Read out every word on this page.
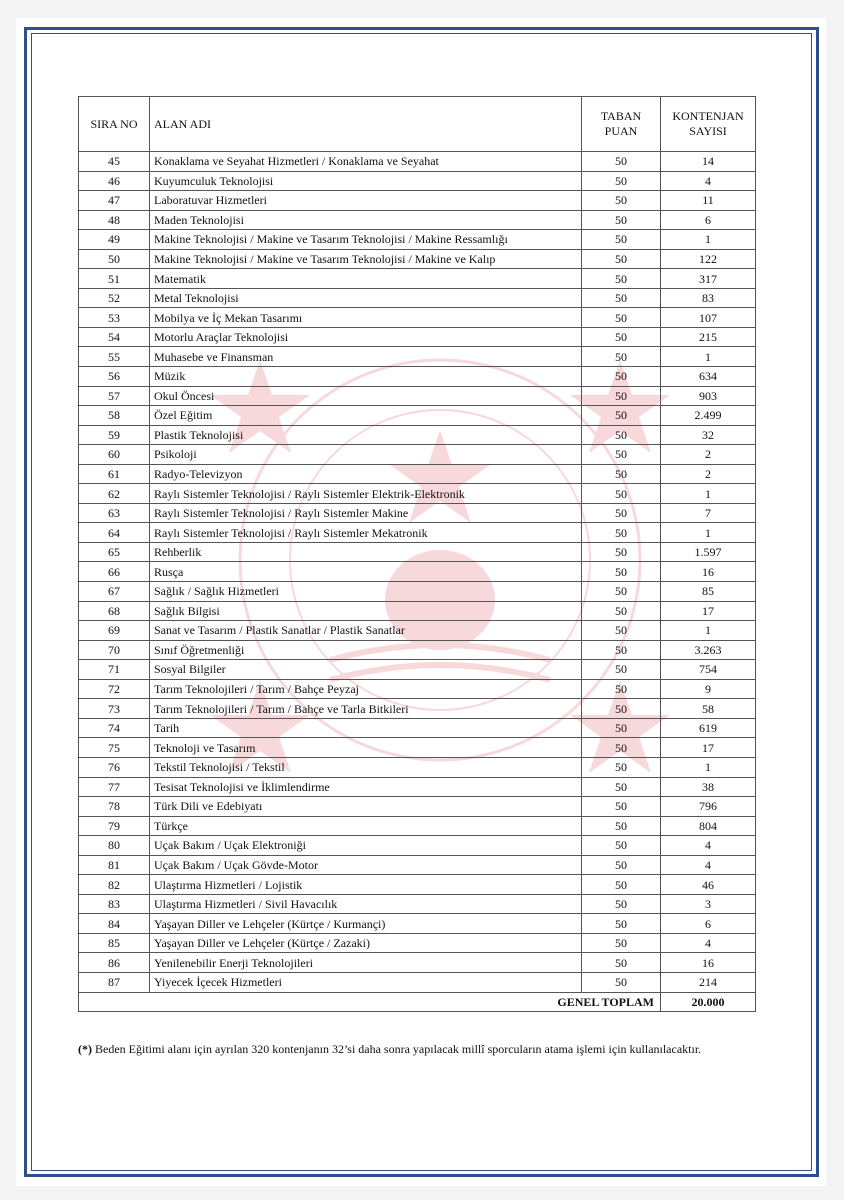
SIRA NO	ALAN ADI	TABAN PUAN	KONTENJAN SAYISI
45	Konaklama ve Seyahat Hizmetleri / Konaklama ve Seyahat	50	14
46	Kuyumculuk Teknolojisi	50	4
47	Laboratuvar Hizmetleri	50	11
48	Maden Teknolojisi	50	6
49	Makine Teknolojisi / Makine ve Tasarım Teknolojisi / Makine Ressamlığı	50	1
50	Makine Teknolojisi / Makine ve Tasarım Teknolojisi / Makine ve Kalıp	50	122
51	Matematik	50	317
52	Metal Teknolojisi	50	83
53	Mobilya ve İç Mekan Tasarımı	50	107
54	Motorlu Araçlar Teknolojisi	50	215
55	Muhasebe ve Finansman	50	1
56	Müzik	50	634
57	Okul Öncesi	50	903
58	Özel Eğitim	50	2.499
59	Plastik Teknolojisi	50	32
60	Psikoloji	50	2
61	Radyo-Televizyon	50	2
62	Raylı Sistemler Teknolojisi / Raylı Sistemler Elektrik-Elektronik	50	1
63	Raylı Sistemler Teknolojisi / Raylı Sistemler Makine	50	7
64	Raylı Sistemler Teknolojisi / Raylı Sistemler Mekatronik	50	1
65	Rehberlik	50	1.597
66	Rusça	50	16
67	Sağlık / Sağlık Hizmetleri	50	85
68	Sağlık Bilgisi	50	17
69	Sanat ve Tasarım / Plastik Sanatlar / Plastik Sanatlar	50	1
70	Sınıf Öğretmenliği	50	3.263
71	Sosyal Bilgiler	50	754
72	Tarım Teknolojileri / Tarım / Bahçe Peyzaj	50	9
73	Tarım Teknolojileri / Tarım / Bahçe ve Tarla Bitkileri	50	58
74	Tarih	50	619
75	Teknoloji ve Tasarım	50	17
76	Tekstil Teknolojisi / Tekstil	50	1
77	Tesisat Teknolojisi ve İklimlendirme	50	38
78	Türk Dili ve Edebiyatı	50	796
79	Türkçe	50	804
80	Uçak Bakım / Uçak Elektroniği	50	4
81	Uçak Bakım / Uçak Gövde-Motor	50	4
82	Ulaştırma Hizmetleri / Lojistik	50	46
83	Ulaştırma Hizmetleri / Sivil Havacılık	50	3
84	Yaşayan Diller ve Lehçeler (Kürtçe / Kurmançi)	50	6
85	Yaşayan Diller ve Lehçeler (Kürtçe / Zazaki)	50	4
86	Yenilenebilir Enerji Teknolojileri	50	16
87	Yiyecek İçecek Hizmetleri	50	214
GENEL TOPLAM			20.000
(*) Beden Eğitimi alanı için ayrılan 320 kontenjanın 32’si daha sonra yapılacak millî sporcuların atama işlemi için kullanılacaktır.
